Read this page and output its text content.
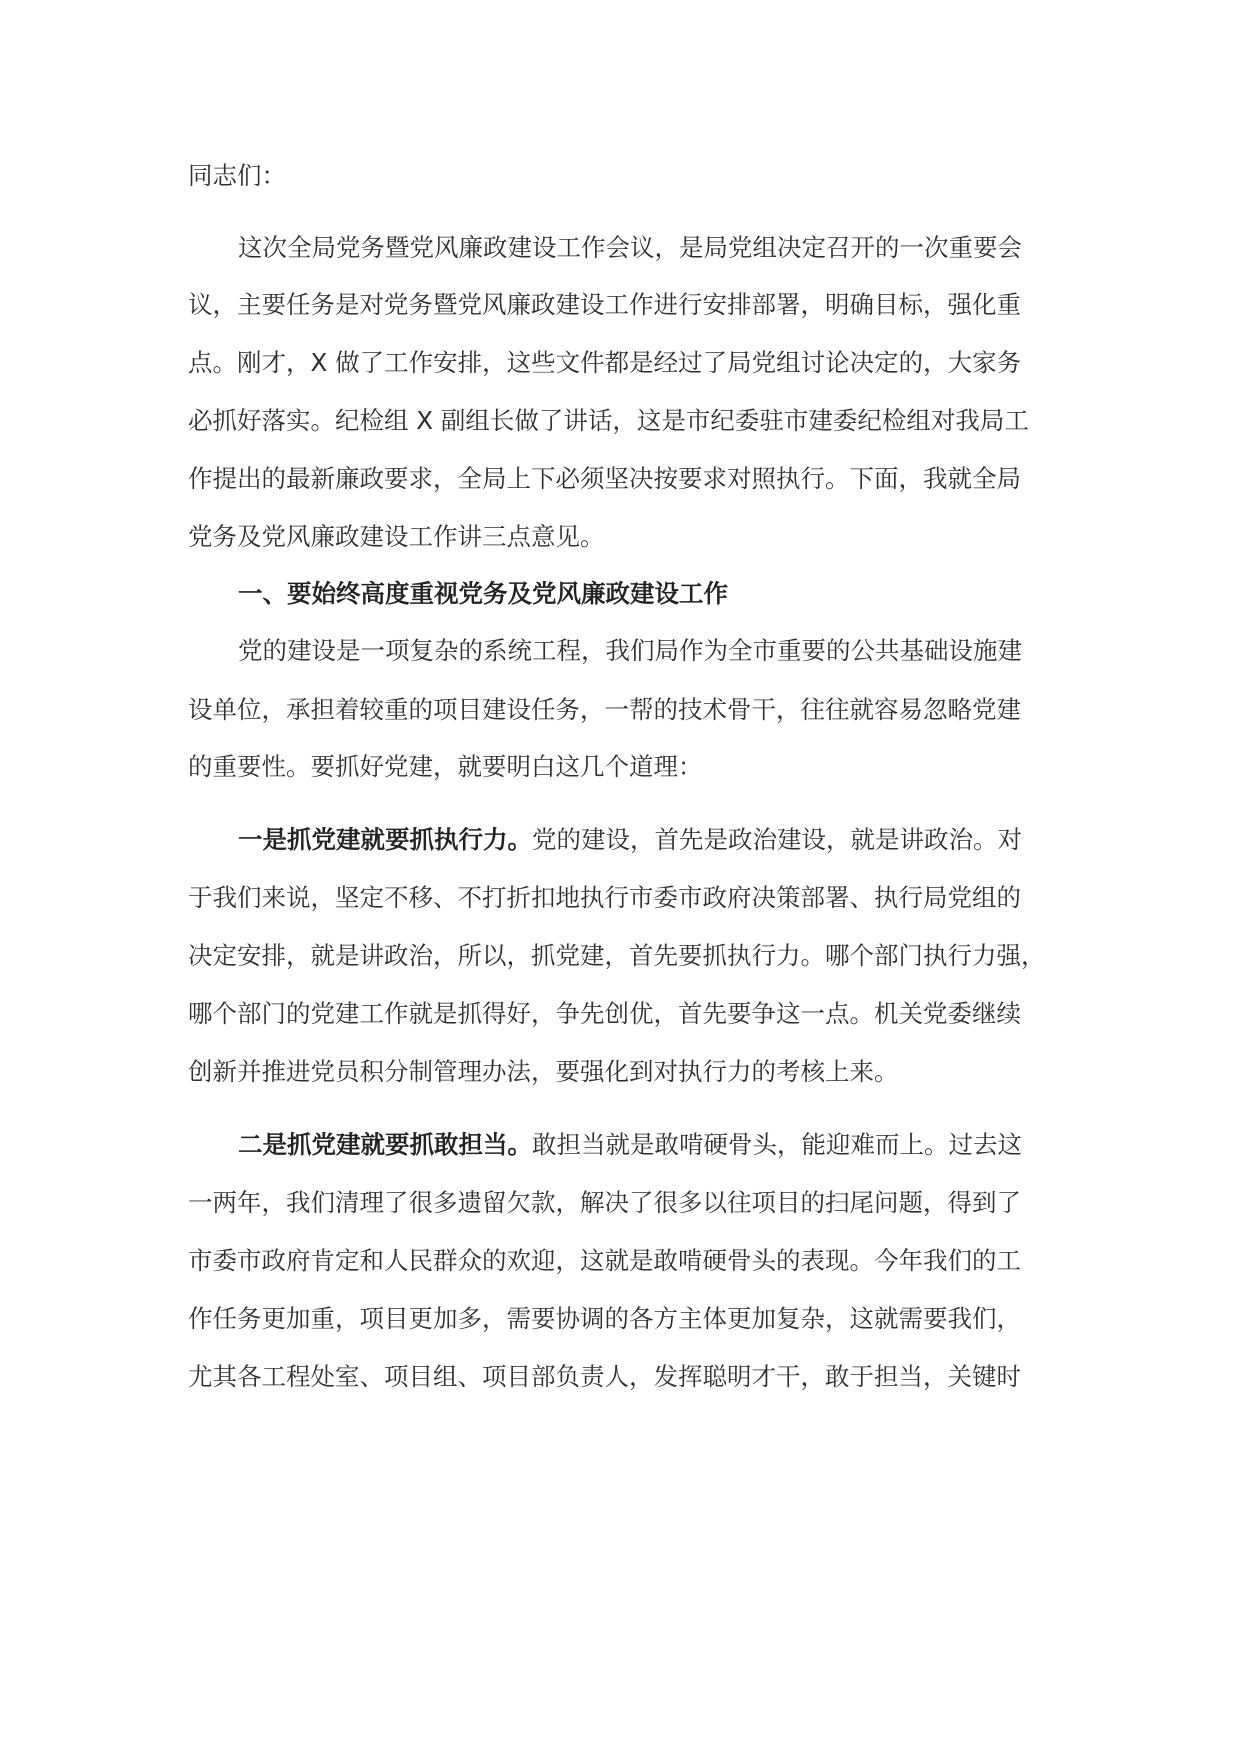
同志们：
这次全局党务暨党风廉政建设工作会议，是局党组决定召开的一次重要会
议，主要任务是对党务暨党风廉政建设工作进行安排部署，明确目标，强化重
点。刚才，X 做了工作安排，这些文件都是经过了局党组讨论决定的，大家务
必抓好落实。纪检组 X 副组长做了讲话，这是市纪委驻市建委纪检组对我局工
作提出的最新廉政要求，全局上下必须坚决按要求对照执行。下面，我就全局
党务及党风廉政建设工作讲三点意见。
一、要始终高度重视党务及党风廉政建设工作
党的建设是一项复杂的系统工程，我们局作为全市重要的公共基础设施建
设单位，承担着较重的项目建设任务，一帮的技术骨干，往往就容易忽略党建
的重要性。要抓好党建，就要明白这几个道理：
一是抓党建就要抓执行力。党的建设，首先是政治建设，就是讲政治。对
于我们来说，坚定不移、不打折扣地执行市委市政府决策部署、执行局党组的
决定安排，就是讲政治，所以，抓党建，首先要抓执行力。哪个部门执行力强，
哪个部门的党建工作就是抓得好，争先创优，首先要争这一点。机关党委继续
创新并推进党员积分制管理办法，要强化到对执行力的考核上来。
二是抓党建就要抓敢担当。敢担当就是敢啃硬骨头，能迎难而上。过去这
一两年，我们清理了很多遗留欠款，解决了很多以往项目的扫尾问题，得到了
市委市政府肯定和人民群众的欢迎，这就是敢啃硬骨头的表现。今年我们的工
作任务更加重，项目更加多，需要协调的各方主体更加复杂，这就需要我们，
尤其各工程处室、项目组、项目部负责人，发挥聪明才干，敢于担当，关键时
